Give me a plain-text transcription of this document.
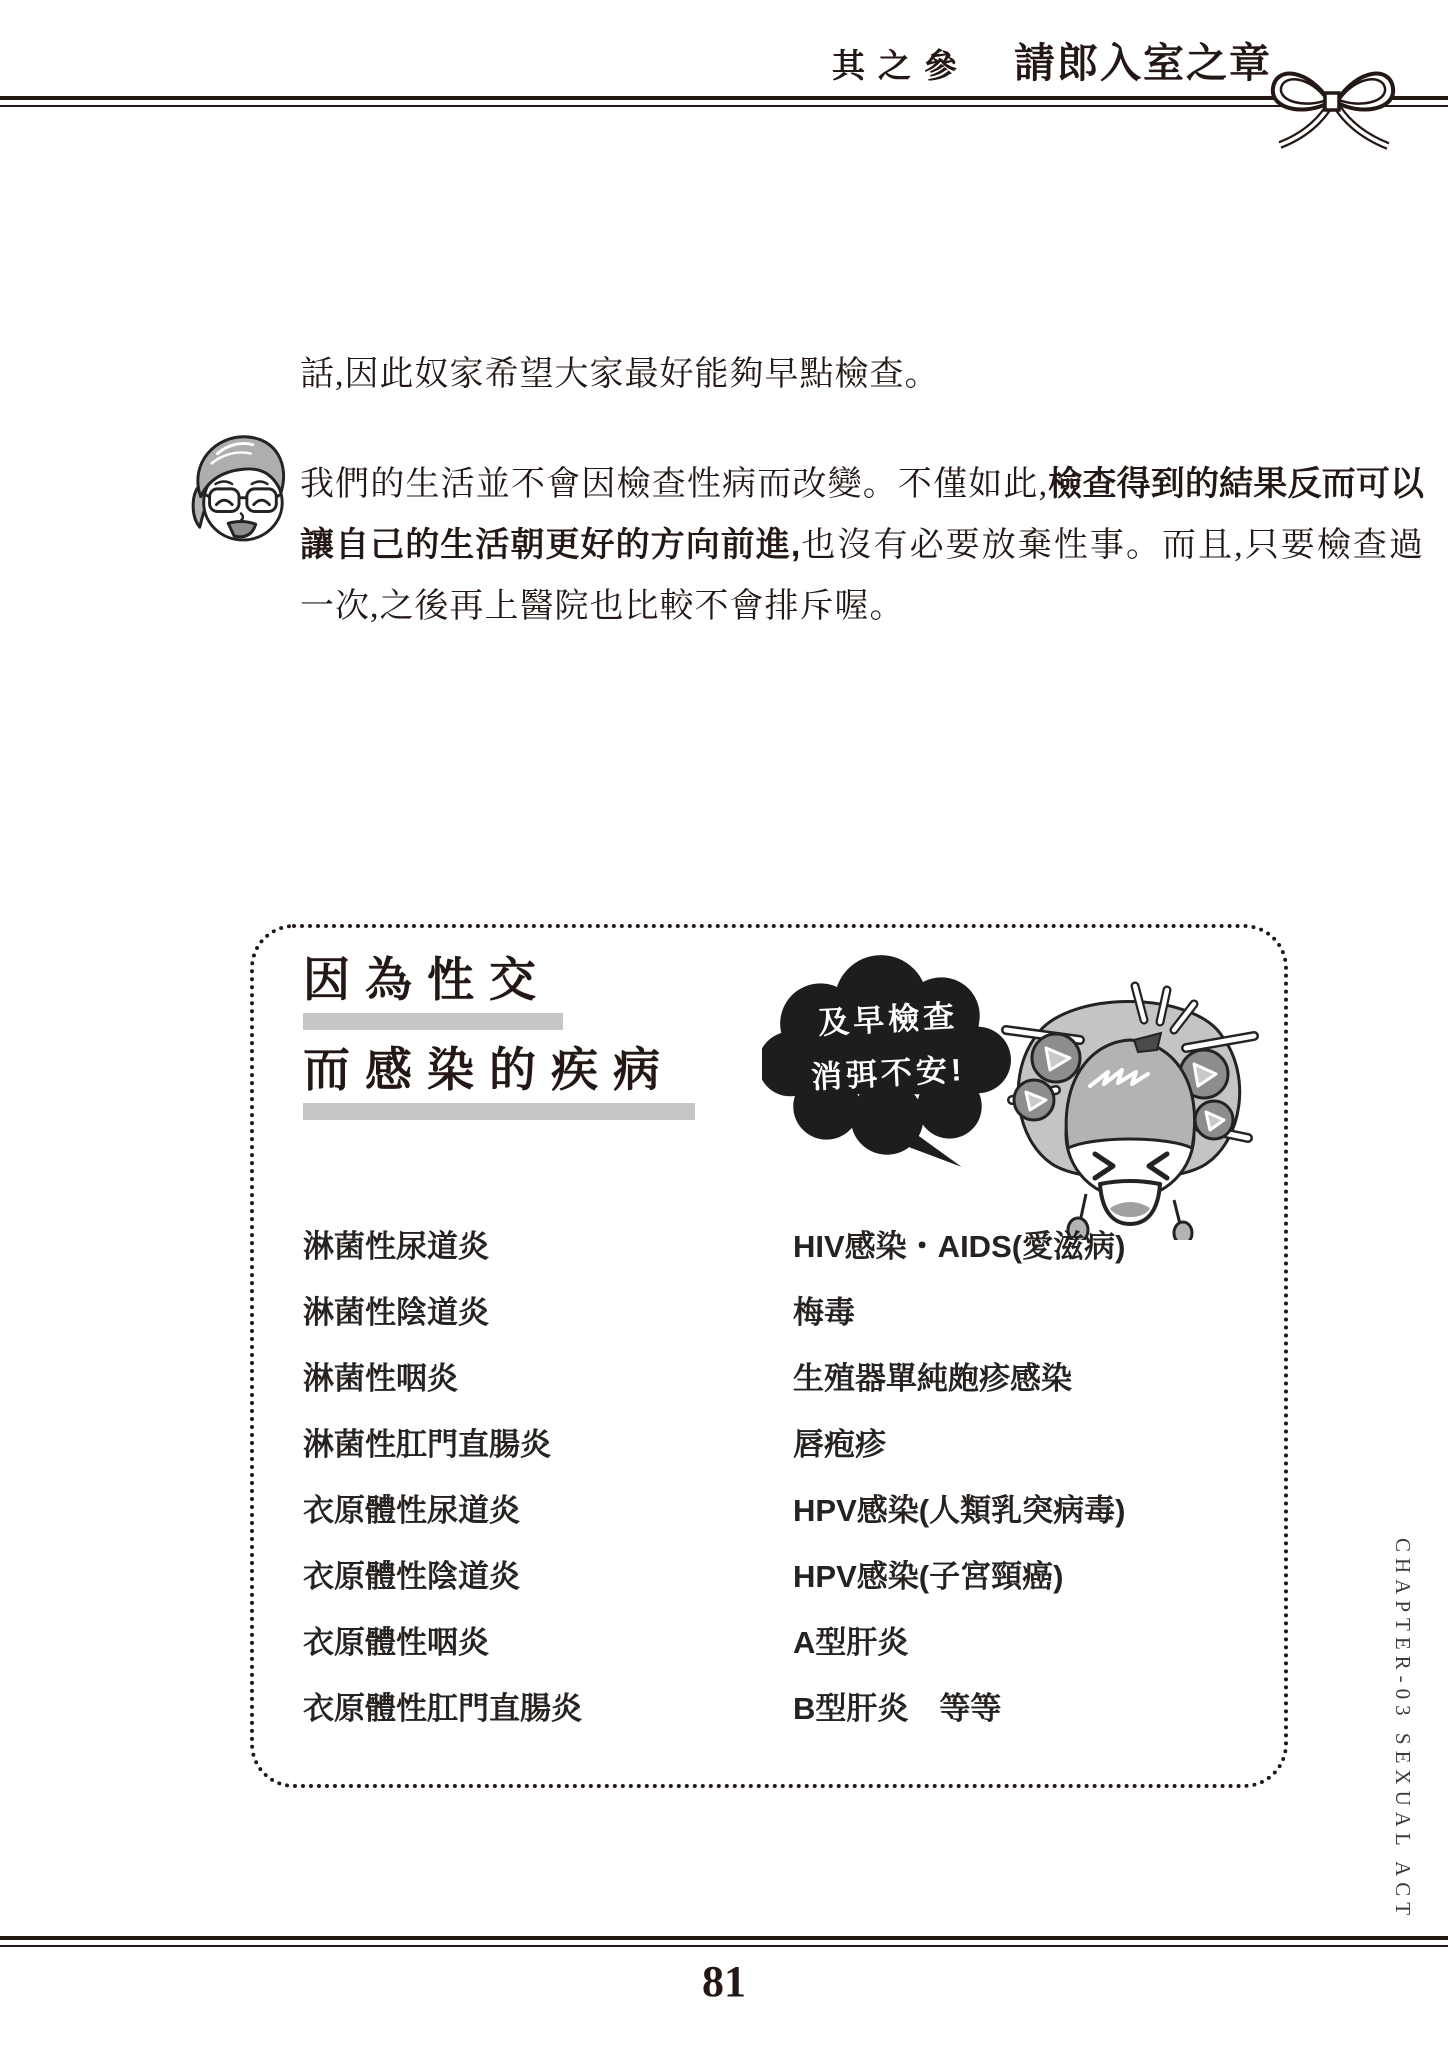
其之參 請郎入室之章

話,因此奴家希望大家最好能夠早點檢查。

我們的生活並不會因檢查性病而改變。不僅如此,檢查得到的結果反而可以讓自己的生活朝更好的方向前進,也沒有必要放棄性事。而且,只要檢查過一次,之後再上醫院也比較不會排斥喔。

因為性交
而感染的疾病
及早檢查
消弭不安!
淋菌性尿道炎	HIV感染・AIDS(愛滋病)
淋菌性陰道炎	梅毒
淋菌性咽炎	生殖器單純皰疹感染
淋菌性肛門直腸炎	唇疱疹
衣原體性尿道炎	HPV感染(人類乳突病毒)
衣原體性陰道炎	HPV感染(子宮頸癌)
衣原體性咽炎	A型肝炎
衣原體性肛門直腸炎	B型肝炎　等等	CHAPTER-03 SEXUAL ACT
81
